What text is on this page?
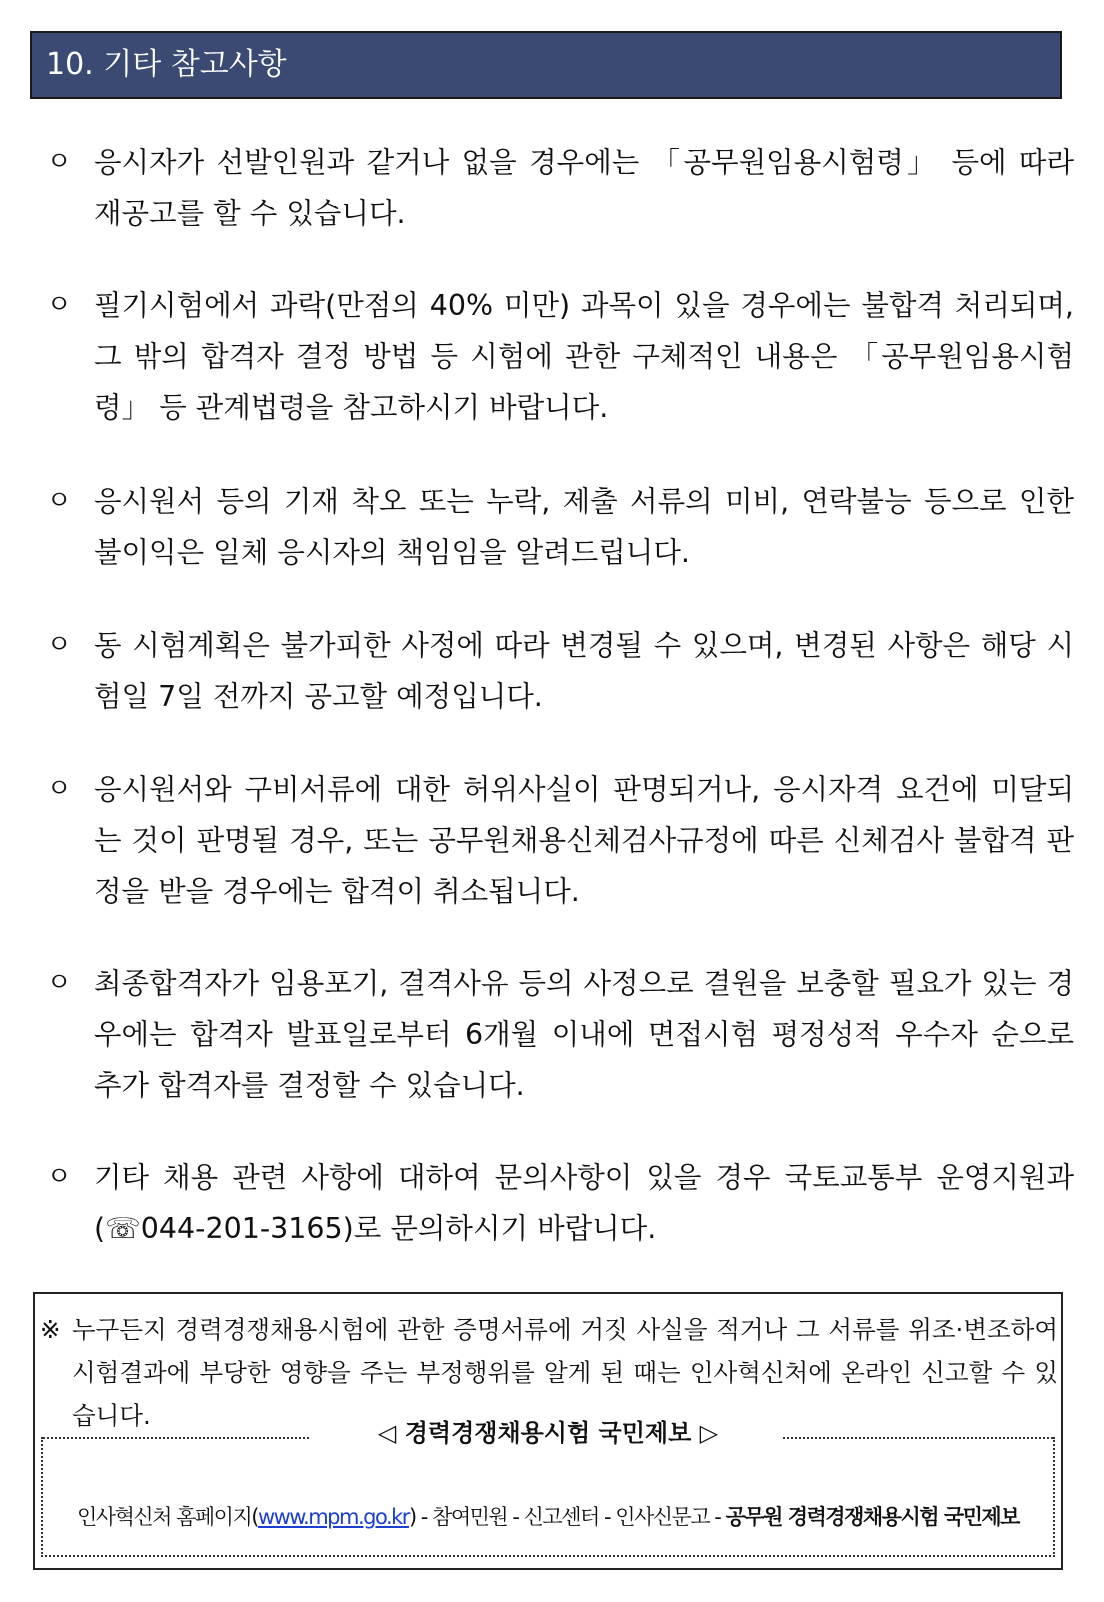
10. 기타 참고사항
ㅇ 응시자가 선발인원과 같거나 없을 경우에는 「공무원임용시험령」 등에 따라 재공고를 할 수 있습니다.
ㅇ 필기시험에서 과락(만점의 40% 미만) 과목이 있을 경우에는 불합격 처리되며, 그 밖의 합격자 결정 방법 등 시험에 관한 구체적인 내용은 「공무원임용시험령」 등 관계법령을 참고하시기 바랍니다.
ㅇ 응시원서 등의 기재 착오 또는 누락, 제출 서류의 미비, 연락불능 등으로 인한 불이익은 일체 응시자의 책임임을 알려드립니다.
ㅇ 동 시험계획은 불가피한 사정에 따라 변경될 수 있으며, 변경된 사항은 해당 시험일 7일 전까지 공고할 예정입니다.
ㅇ 응시원서와 구비서류에 대한 허위사실이 판명되거나, 응시자격 요건에 미달되는 것이 판명될 경우, 또는 공무원채용신체검사규정에 따른 신체검사 불합격 판정을 받을 경우에는 합격이 취소됩니다.
ㅇ 최종합격자가 임용포기, 결격사유 등의 사정으로 결원을 보충할 필요가 있는 경우에는 합격자 발표일로부터 6개월 이내에 면접시험 평정성적 우수자 순으로 추가 합격자를 결정할 수 있습니다.
ㅇ 기타 채용 관련 사항에 대하여 문의사항이 있을 경우 국토교통부 운영지원과(☏044-201-3165)로 문의하시기 바랍니다.
※ 누구든지 경력경쟁채용시험에 관한 증명서류에 거짓 사실을 적거나 그 서류를 위조·변조하여 시험결과에 부당한 영향을 주는 부정행위를 알게 된 때는 인사혁신처에 온라인 신고할 수 있습니다.
◁ 경력경쟁채용시험 국민제보 ▷
인사혁신처 홈페이지(www.mpm.go.kr) - 참여민원 - 신고센터 - 인사신문고 - 공무원 경력경쟁채용시험 국민제보
